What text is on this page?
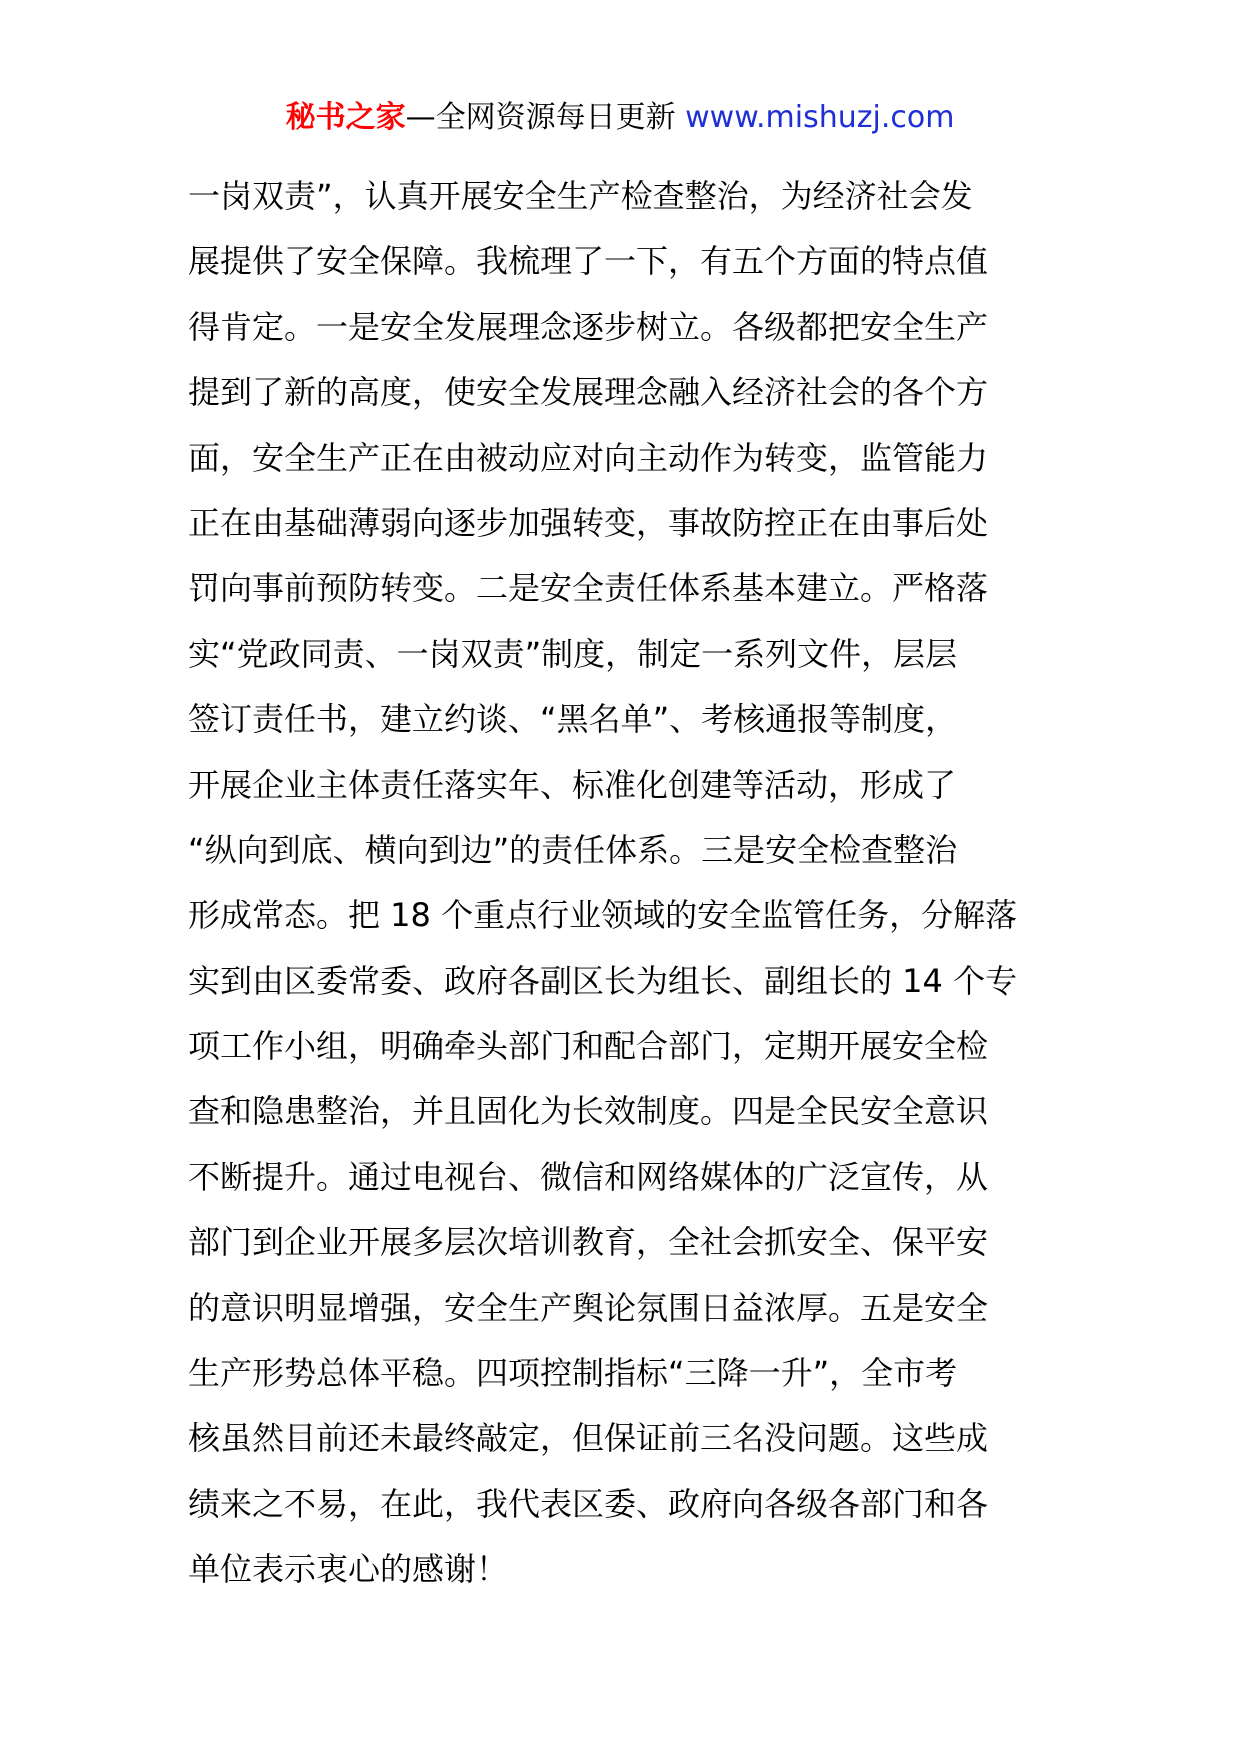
秘书之家—全网资源每日更新 www.mishuzj.com
一岗双责”，认真开展安全生产检查整治，为经济社会发
展提供了安全保障。我梳理了一下，有五个方面的特点值
得肯定。一是安全发展理念逐步树立。各级都把安全生产
提到了新的高度，使安全发展理念融入经济社会的各个方
面，安全生产正在由被动应对向主动作为转变，监管能力
正在由基础薄弱向逐步加强转变，事故防控正在由事后处
罚向事前预防转变。二是安全责任体系基本建立。严格落
实“党政同责、一岗双责”制度，制定一系列文件，层层
签订责任书，建立约谈、“黑名单”、考核通报等制度，
开展企业主体责任落实年、标准化创建等活动，形成了
“纵向到底、横向到边”的责任体系。三是安全检查整治
形成常态。把 18 个重点行业领域的安全监管任务，分解落
实到由区委常委、政府各副区长为组长、副组长的 14 个专
项工作小组，明确牵头部门和配合部门，定期开展安全检
查和隐患整治，并且固化为长效制度。四是全民安全意识
不断提升。通过电视台、微信和网络媒体的广泛宣传，从
部门到企业开展多层次培训教育，全社会抓安全、保平安
的意识明显增强，安全生产舆论氛围日益浓厚。五是安全
生产形势总体平稳。四项控制指标“三降一升”，全市考
核虽然目前还未最终敲定，但保证前三名没问题。这些成
绩来之不易，在此，我代表区委、政府向各级各部门和各
单位表示衷心的感谢！
